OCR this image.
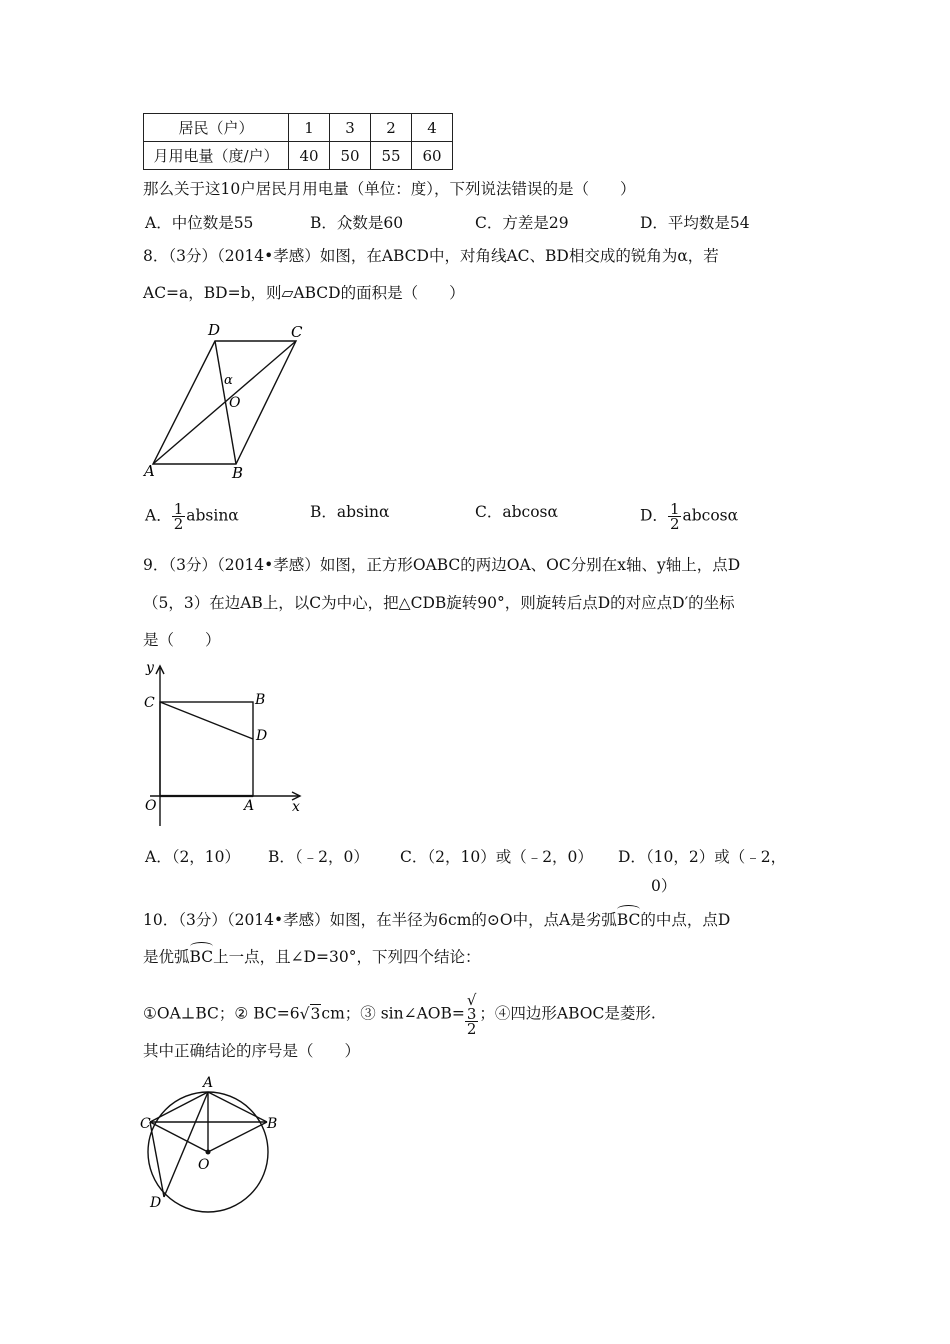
居民（户）	1	3	2	4
月用电量（度/户）	40	50	55	60
那么关于这10户居民月用电量（单位：度），下列说法错误的是（　　）
A．中位数是55	B．众数是60	C．方差是29	D．平均数是54
8．（3分）（2014•孝感）如图，在ABCD中，对角线AC、BD相交成的锐角为α，若
AC=a，BD=b，则▱ABCD的面积是（　　）
A	B
C
D
O
α
A． $\frac{1}{2}$ absinα	B．absinα	C．abcosα	D． $\frac{1}{2}$ abcosα
9．（3分）（2014•孝感）如图，正方形OABC的两边OA、OC分别在x轴、y轴上，点D
（5，3）在边AB上，以C为中心，把△CDB旋转90°，则旋转后点D的对应点D′的坐标
是（　　）
y
x
C	B
D
O	A
A．（2，10） B．（﹣2，0） C．（2，10）或（﹣2，0） D．（10，2）或（﹣2，
0）
10．（3分）（2014•孝感）如图，在半径为6cm的⊙O中，点A是劣弧BC的中点，点D
是优弧BC上一点，且∠D=30°，下列四个结论：
①OA⊥BC；② BC=6√3cm；③ sin∠AOB= √
3
2 ；④四边形ABOC是菱形.
其中正确结论的序号是（　　）
A
B
C
O
D
